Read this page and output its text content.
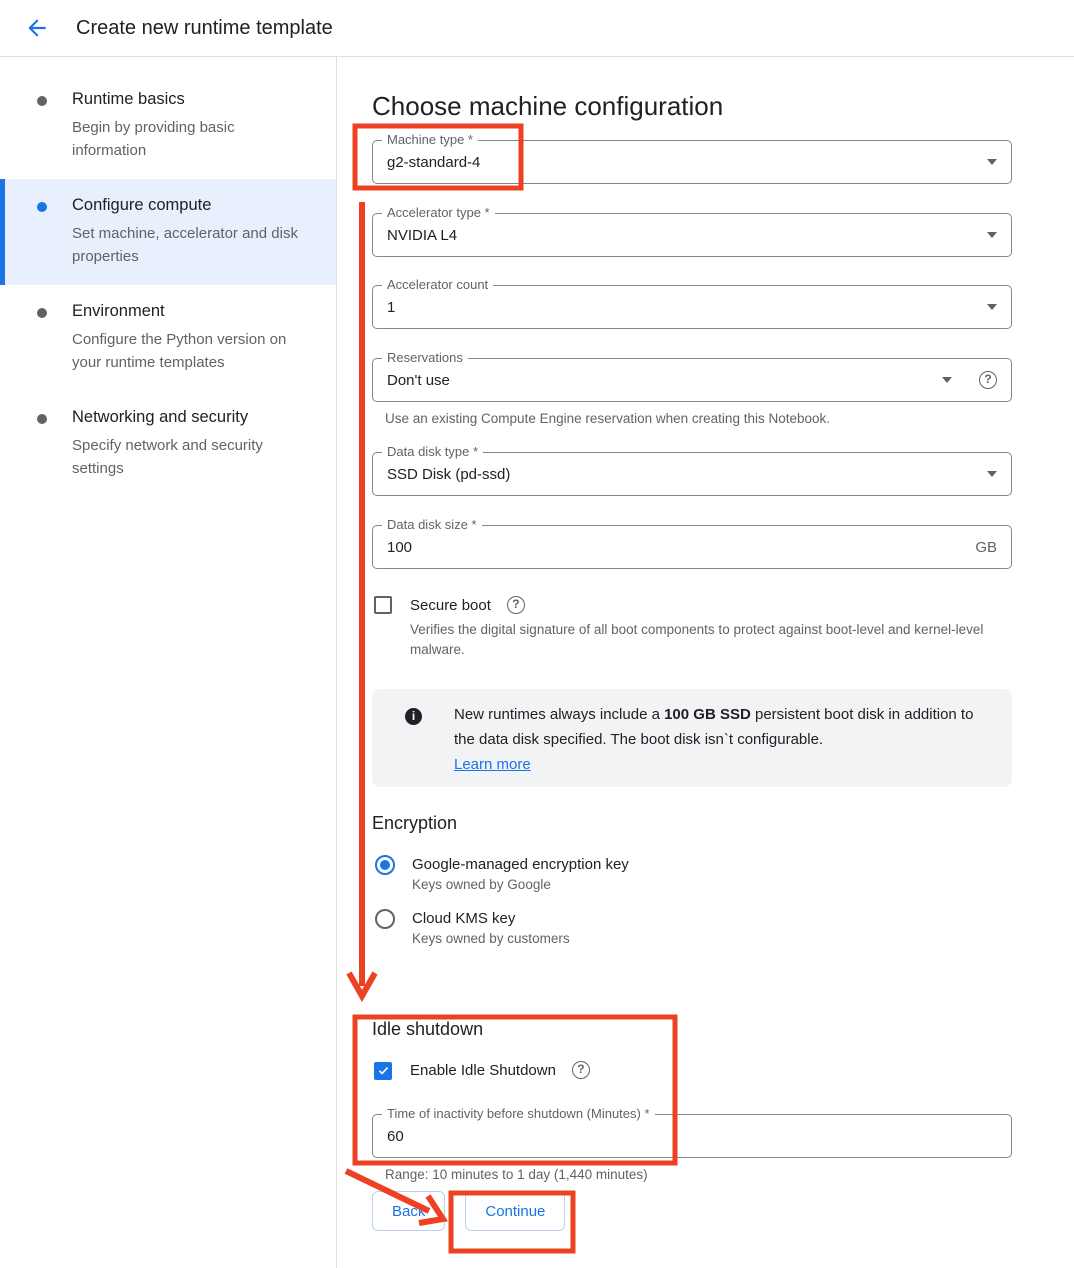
Create new runtime template
Runtime basics
Begin by providing basic information
Configure compute
Set machine, accelerator and disk properties
Environment
Configure the Python version on your runtime templates
Networking and security
Specify network and security settings
Choose machine configuration
Machine type *
g2-standard-4
Accelerator type *
NVIDIA L4
Accelerator count
1
Reservations
Don't use	?
Use an existing Compute Engine reservation when creating this Notebook.
Data disk type *
SSD Disk (pd-ssd)
Data disk size *
100
GB
Secure boot	?
Verifies the digital signature of all boot components to protect against boot-level and kernel-level malware.
i	New runtimes always include a 100 GB SSD persistent boot disk in addition to the data disk specified. The boot disk isn`t configurable.
Learn more
Encryption
Google-managed encryption key
Keys owned by Google
Cloud KMS key
Keys owned by customers
Idle shutdown
Enable Idle Shutdown	?
Time of inactivity before shutdown (Minutes) *
60
Range: 10 minutes to 1 day (1,440 minutes)
Back	Continue
